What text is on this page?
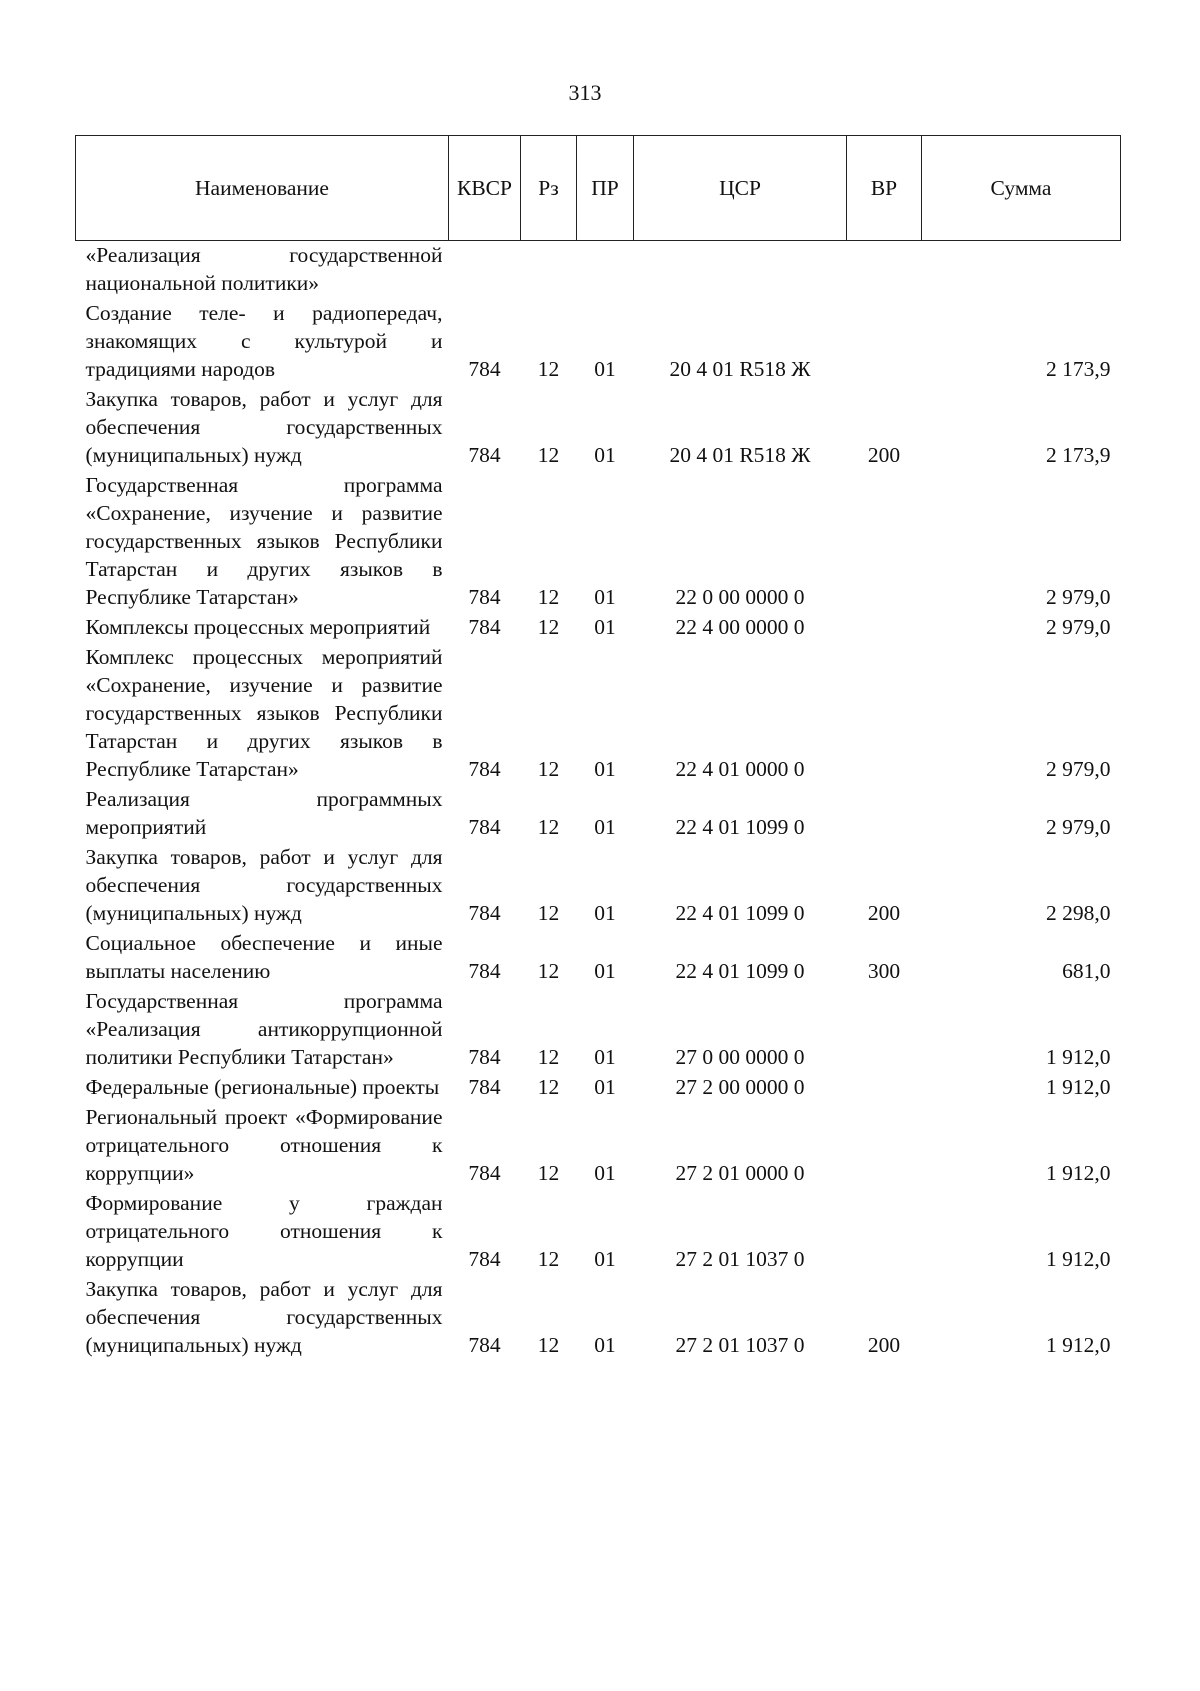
313
Наименование	КВСР	Рз	ПР	ЦСР	ВР	Сумма
«Реализация государственной национальной политики»						
Создание теле- и радиопередач, знакомящих с культурой и традициями народов	784	12	01	20 4 01 R518 Ж		2 173,9
Закупка товаров, работ и услуг для обеспечения государственных (муниципальных) нужд	784	12	01	20 4 01 R518 Ж	200	2 173,9
Государственная программа «Сохранение, изучение и развитие государственных языков Республики Татарстан и других языков в Республике Татарстан»	784	12	01	22 0 00 0000 0		2 979,0
Комплексы процессных мероприятий	784	12	01	22 4 00 0000 0		2 979,0
Комплекс процессных мероприятий «Сохранение, изучение и развитие государственных языков Республики Татарстан и других языков в Республике Татарстан»	784	12	01	22 4 01 0000 0		2 979,0
Реализация программных мероприятий	784	12	01	22 4 01 1099 0		2 979,0
Закупка товаров, работ и услуг для обеспечения государственных (муниципальных) нужд	784	12	01	22 4 01 1099 0	200	2 298,0
Социальное обеспечение и иные выплаты населению	784	12	01	22 4 01 1099 0	300	681,0
Государственная программа «Реализация антикоррупционной политики Республики Татарстан»	784	12	01	27 0 00 0000 0		1 912,0
Федеральные (региональные) проекты	784	12	01	27 2 00 0000 0		1 912,0
Региональный проект «Формирование отрицательного отношения к коррупции»	784	12	01	27 2 01 0000 0		1 912,0
Формирование у граждан отрицательного отношения к коррупции	784	12	01	27 2 01 1037 0		1 912,0
Закупка товаров, работ и услуг для обеспечения государственных (муниципальных) нужд	784	12	01	27 2 01 1037 0	200	1 912,0
